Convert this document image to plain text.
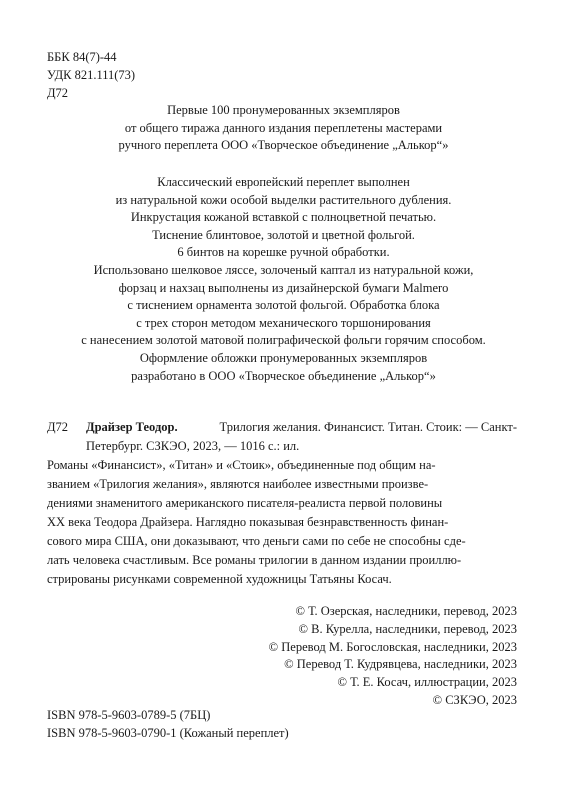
ББК 84(7)-44
УДК 821.111(73)
Д72
Первые 100 пронумерованных экземпляров
от общего тиража данного издания переплетены мастерами
ручного переплета ООО «Творческое объединение „Алькор“»
Классический европейский переплет выполнен
из натуральной кожи особой выделки растительного дубления.
Инкрустация кожаной вставкой с полноцветной печатью.
Тиснение блинтовое, золотой и цветной фольгой.
6 бинтов на корешке ручной обработки.
Использовано шелковое ляссе, золоченый каптал из натуральной кожи,
форзац и нахзац выполнены из дизайнерской бумаги Malmero
с тиснением орнамента золотой фольгой. Обработка блока
с трех сторон методом механического торшонирования
с нанесением золотой матовой полиграфической фольги горячим способом.
Оформление обложки пронумерованных экземпляров
разработано в ООО «Творческое объединение „Алькор“»
Д72 Драйзер Теодор.	Трилогия желания. Финансист. Титан. Стоик: — Санкт-
Петербург. СЗКЭО, 2023, — 1016 с.: ил.
Романы «Финансист», «Титан» и «Стоик», объединенные под общим на-
званием «Трилогия желания», являются наиболее известными произве-
дениями знаменитого американского писателя-реалиста первой половины
XX века Теодора Драйзера. Наглядно показывая безнравственность финан-
сового мира США, они доказывают, что деньги сами по себе не способны сде-
лать человека счастливым. Все романы трилогии в данном издании проиллю-
стрированы рисунками современной художницы Татьяны Косач.
© Т. Озерская, наследники, перевод, 2023
© В. Курелла, наследники, перевод, 2023
© Перевод М. Богословская, наследники, 2023
© Перевод Т. Кудрявцева, наследники, 2023
© Т. Е. Косач, иллюстрации, 2023
© СЗКЭО, 2023
ISBN 978-5-9603-0789-5 (7БЦ)
ISBN 978-5-9603-0790-1 (Кожаный переплет)
